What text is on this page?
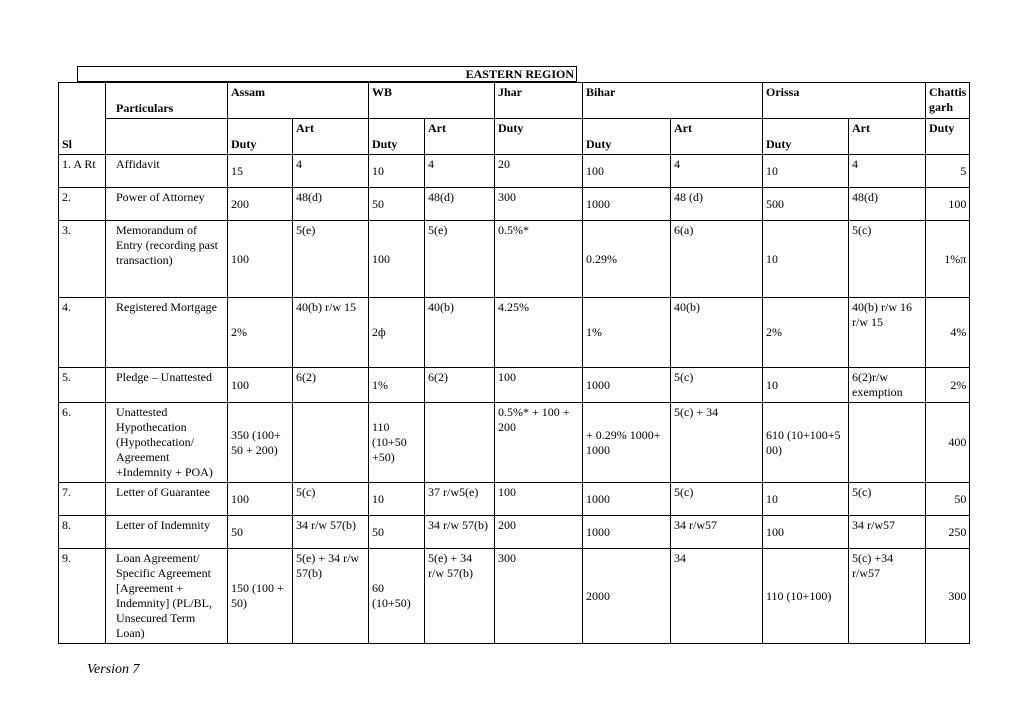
EASTERN REGION
Sl	Particulars	Assam		WB		Jhar	Bihar		Orissa		Chattis garh
		Duty	Art	Duty	Art	Duty	Duty	Art	Duty	Art	Duty
1. A Rt	Affidavit	15	4	10	4	20	100	4	10	4	5
2.	Power of Attorney	200	48(d)	50	48(d)	300	1000	48 (d)	500	48(d)	100
3.	Memorandum of Entry (recording past transaction)	100	5(e)	100	5(e)	0.5%*	0.29%	6(a)	10	5(c)	1%π
4.	Registered Mortgage	2%	40(b) r/w 15	2ф	40(b)	4.25%	1%	40(b)	2%	40(b) r/w 16 r/w 15	4%
5.	Pledge – Unattested	100	6(2)	1%	6(2)	100	1000	5(c)	10	6(2)r/w exemption	2%
6.	Unattested Hypothecation (Hypothecation/ Agreement +Indemnity + POA)	350 (100+ 50 + 200)		110 (10+50 +50)		0.5%* + 100 + 200	+ 0.29% 1000+ 1000	5(c) + 34	610 (10+100+5 00)		400
7.	Letter of Guarantee	100	5(c)	10	37 r/w5(e)	100	1000	5(c)	10	5(c)	50
8.	Letter of Indemnity	50	34 r/w 57(b)	50	34 r/w 57(b)	200	1000	34 r/w57	100	34 r/w57	250
9.	Loan Agreement/ Specific Agreement [Agreement + Indemnity] (PL/BL, Unsecured Term Loan)	150 (100 + 50)	5(e) + 34 r/w 57(b)	60 (10+50)	5(e) + 34 r/w 57(b)	300	2000	34	110 (10+100)	5(c) +34 r/w57	300
Version 7
